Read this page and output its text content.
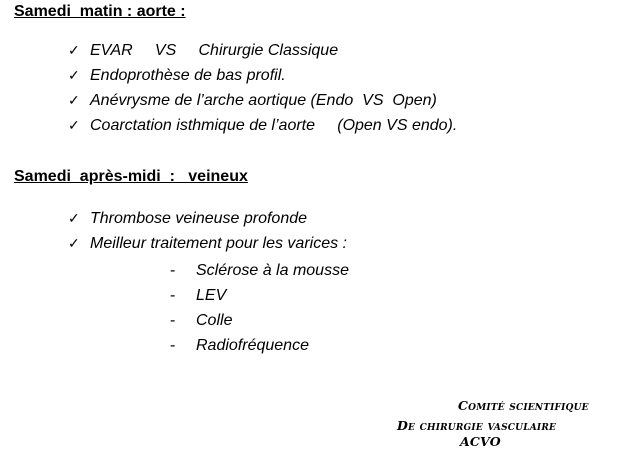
Samedi  matin : aorte :
✓ EVAR     VS     Chirurgie Classique
✓ Endoprothèse de bas profil.
✓ Anévrysme de l’arche aortique (Endo  VS  Open)
✓ Coarctation isthmique de l’aorte     (Open VS endo).
Samedi  après-midi  :   veineux
✓ Thrombose veineuse profonde
✓ Meilleur traitement pour les varices :
- Sclérose à la mousse
- LEV
- Colle
- Radiofréquence
Comité scientifique
De chirurgie vasculaire
ACVO
